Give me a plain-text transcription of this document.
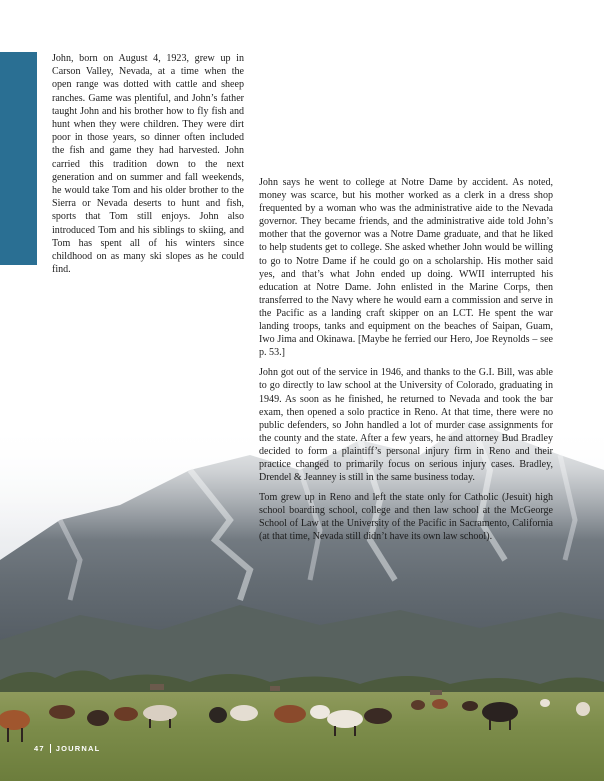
John, born on August 4, 1923, grew up in Carson Valley, Nevada, at a time when the open range was dotted with cattle and sheep ranches. Game was plentiful, and John’s father taught John and his brother how to fly fish and hunt when they were children. They were dirt poor in those years, so dinner often included the fish and game they had harvested. John carried this tradition down to the next generation and on summer and fall weekends, he would take Tom and his older brother to the Sierra or Nevada deserts to hunt and fish, sports that Tom still enjoys. John also introduced Tom and his siblings to skiing, and Tom has spent all of his winters since childhood on as many ski slopes as he could find.

John says he went to college at Notre Dame by accident. As noted, money was scarce, but his mother worked as a clerk in a dress shop frequented by a woman who was the administrative aide to the Nevada governor. They became friends, and the administrative aide told John’s mother that the governor was a Notre Dame graduate, and that he liked to help students get to college. She asked whether John would be willing to go to Notre Dame if he could go on a scholarship. His mother said yes, and that’s what John ended up doing. WWII interrupted his education at Notre Dame. John enlisted in the Marine Corps, then transferred to the Navy where he would earn a commission and serve in the Pacific as a landing craft skipper on an LCT. He spent the war landing troops, tanks and equipment on the beaches of Saipan, Guam, Iwo Jima and Okinawa. [Maybe he ferried our Hero, Joe Reynolds – see p. 53.]

John got out of the service in 1946, and thanks to the G.I. Bill, was able to go directly to law school at the University of Colorado, graduating in 1949. As soon as he finished, he returned to Nevada and took the bar exam, then opened a solo practice in Reno. At that time, there were no public defenders, so John handled a lot of murder case assignments for the county and the state. After a few years, he and attorney Bud Bradley decided to form a plaintiff’s personal injury firm in Reno and their practice changed to primarily focus on serious injury cases. Bradley, Drendel & Jeanney is still in the same business today.

Tom grew up in Reno and left the state only for Catholic (Jesuit) high school boarding school, college and then law school at the McGeorge School of Law at the University of the Pacific in Sacramento, California (at that time, Nevada still didn’t have its own law school).

47 JOURNAL
